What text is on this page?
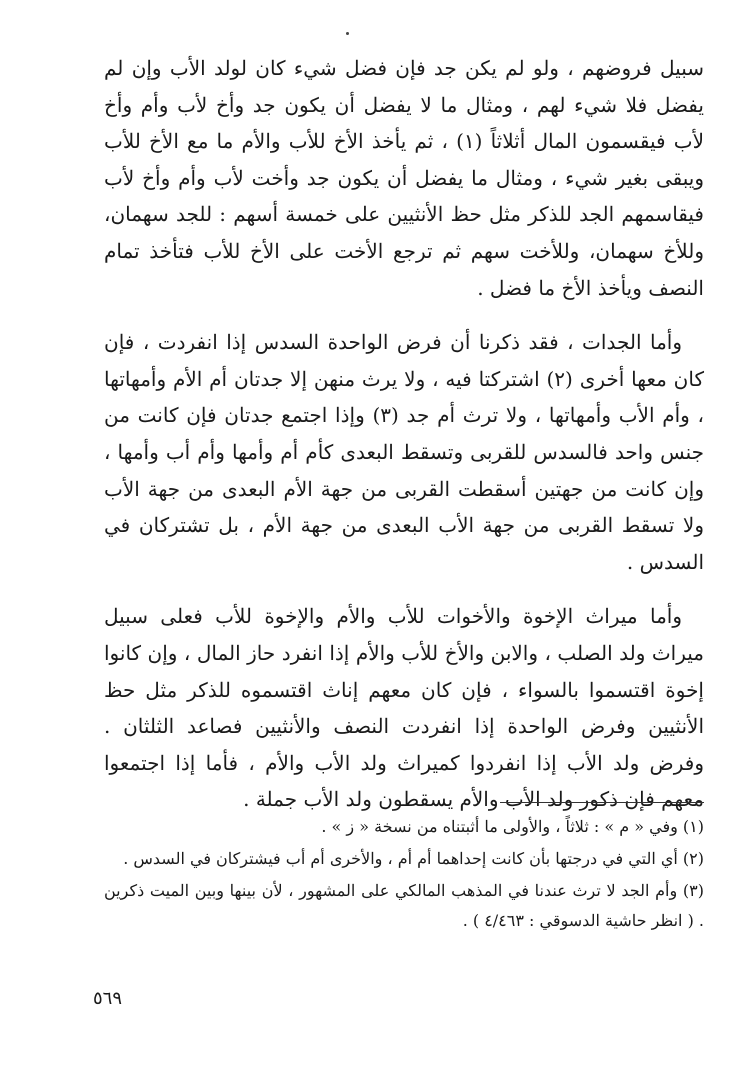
سبيل فروضهم ، ولو لم يكن جد فإن فضل شيء كان لولد الأب وإن لم يفضل فلا شيء لهم ، ومثال ما لا يفضل أن يكون جد وأخ لأب وأم وأخ لأب فيقسمون المال أثلاثاً (١) ، ثم يأخذ الأخ للأب والأم ما مع الأخ للأب ويبقى بغير شيء ، ومثال ما يفضل أن يكون جد وأخت لأب وأم وأخ لأب فيقاسمهم الجد للذكر مثل حظ الأنثيين على خمسة أسهم : للجد سهمان، وللأخ سهمان، وللأخت سهم ثم ترجع الأخت على الأخ للأب فتأخذ تمام النصف ويأخذ الأخ ما فضل .

وأما الجدات ، فقد ذكرنا أن فرض الواحدة السدس إذا انفردت ، فإن كان معها أخرى (٢) اشتركتا فيه ، ولا يرث منهن إلا جدتان أم الأم وأمهاتها ، وأم الأب وأمهاتها ، ولا ترث أم جد (٣) وإذا اجتمع جدتان فإن كانت من جنس واحد فالسدس للقربى وتسقط البعدى كأم أم وأمها وأم أب وأمها ، وإن كانت من جهتين أسقطت القربى من جهة الأم البعدى من جهة الأب ولا تسقط القربى من جهة الأب البعدى من جهة الأم ، بل تشتركان في السدس .

وأما ميراث الإخوة والأخوات للأب والأم والإخوة للأب فعلى سبيل ميراث ولد الصلب ، والابن والأخ للأب والأم إذا انفرد حاز المال ، وإن كانوا إخوة اقتسموا بالسواء ، فإن كان معهم إناث اقتسموه للذكر مثل حظ الأنثيين وفرض الواحدة إذا انفردت النصف والأنثيين فصاعد الثلثان . وفرض ولد الأب إذا انفردوا كميراث ولد الأب والأم ، فأما إذا اجتمعوا معهم فإن ذكور ولد الأب والأم يسقطون ولد الأب جملة .

(١) وفي « م » : ثلاثاً ، والأولى ما أثبتناه من نسخة « ز » .

(٢) أي التي في درجتها بأن كانت إحداهما أم أم ، والأخرى أم أب فيشتركان في السدس .

(٣) وأم الجد لا ترث عندنا في المذهب المالكي على المشهور ، لأن بينها وبين الميت ذكرين . ( انظر حاشية الدسوقي : ٤/٤٦٣ ) .

٥٦٩
